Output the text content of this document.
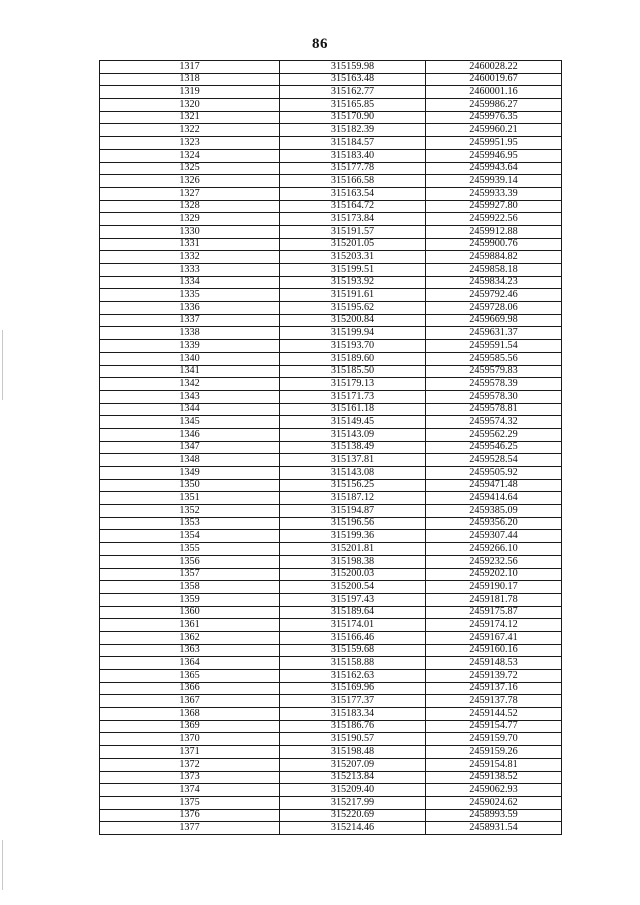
86
1317	315159.98	2460028.22
1318	315163.48	2460019.67
1319	315162.77	2460001.16
1320	315165.85	2459986.27
1321	315170.90	2459976.35
1322	315182.39	2459960.21
1323	315184.57	2459951.95
1324	315183.40	2459946.95
1325	315177.78	2459943.64
1326	315166.58	2459939.14
1327	315163.54	2459933.39
1328	315164.72	2459927.80
1329	315173.84	2459922.56
1330	315191.57	2459912.88
1331	315201.05	2459900.76
1332	315203.31	2459884.82
1333	315199.51	2459858.18
1334	315193.92	2459834.23
1335	315191.61	2459792.46
1336	315195.62	2459728.06
1337	315200.84	2459669.98
1338	315199.94	2459631.37
1339	315193.70	2459591.54
1340	315189.60	2459585.56
1341	315185.50	2459579.83
1342	315179.13	2459578.39
1343	315171.73	2459578.30
1344	315161.18	2459578.81
1345	315149.45	2459574.32
1346	315143.09	2459562.29
1347	315138.49	2459546.25
1348	315137.81	2459528.54
1349	315143.08	2459505.92
1350	315156.25	2459471.48
1351	315187.12	2459414.64
1352	315194.87	2459385.09
1353	315196.56	2459356.20
1354	315199.36	2459307.44
1355	315201.81	2459266.10
1356	315198.38	2459232.56
1357	315200.03	2459202.10
1358	315200.54	2459190.17
1359	315197.43	2459181.78
1360	315189.64	2459175.87
1361	315174.01	2459174.12
1362	315166.46	2459167.41
1363	315159.68	2459160.16
1364	315158.88	2459148.53
1365	315162.63	2459139.72
1366	315169.96	2459137.16
1367	315177.37	2459137.78
1368	315183.34	2459144.52
1369	315186.76	2459154.77
1370	315190.57	2459159.70
1371	315198.48	2459159.26
1372	315207.09	2459154.81
1373	315213.84	2459138.52
1374	315209.40	2459062.93
1375	315217.99	2459024.62
1376	315220.69	2458993.59
1377	315214.46	2458931.54
